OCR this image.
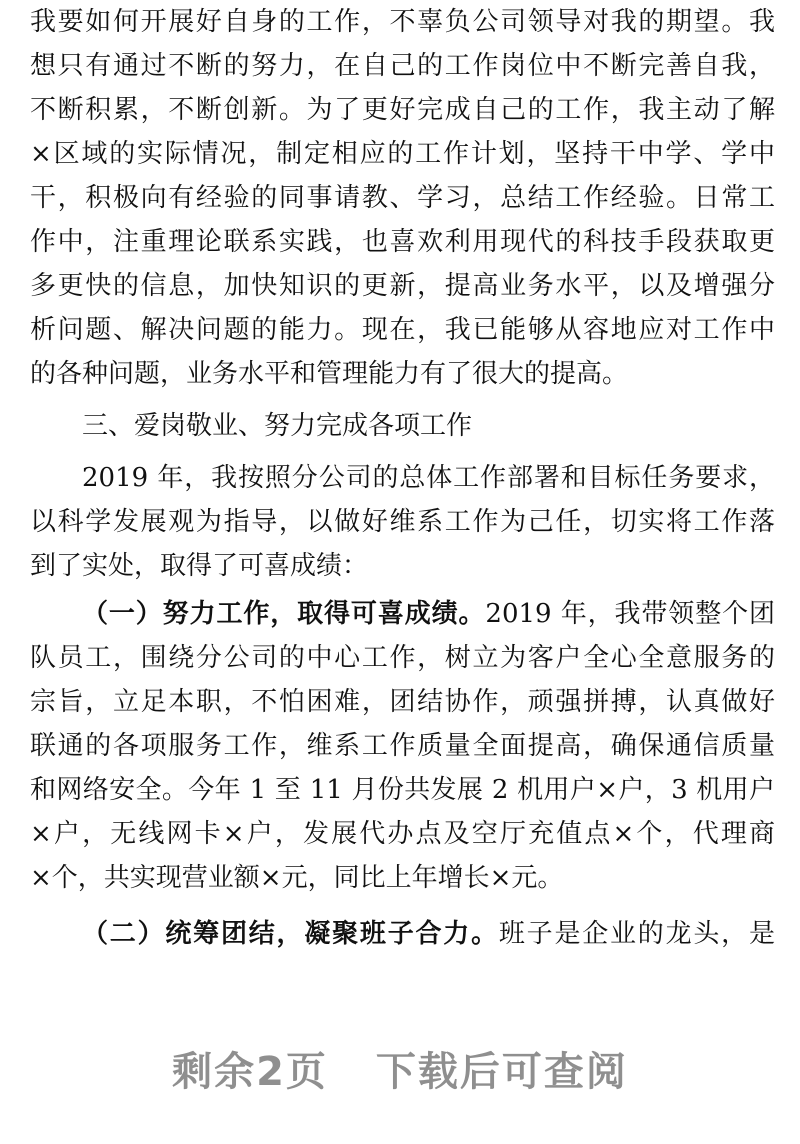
我要如何开展好自身的工作，不辜负公司领导对我的期望。我
想只有通过不断的努力，在自己的工作岗位中不断完善自我，
不断积累，不断创新。为了更好完成自己的工作，我主动了解
×区域的实际情况，制定相应的工作计划，坚持干中学、学中
干，积极向有经验的同事请教、学习，总结工作经验。日常工
作中，注重理论联系实践，也喜欢利用现代的科技手段获取更
多更快的信息，加快知识的更新，提高业务水平，以及增强分
析问题、解决问题的能力。现在，我已能够从容地应对工作中
的各种问题，业务水平和管理能力有了很大的提高。
三、爱岗敬业、努力完成各项工作
2019 年，我按照分公司的总体工作部署和目标任务要求，
以科学发展观为指导，以做好维系工作为己任，切实将工作落
到了实处，取得了可喜成绩：
（一）努力工作，取得可喜成绩。2019 年，我带领整个团
队员工，围绕分公司的中心工作，树立为客户全心全意服务的
宗旨，立足本职，不怕困难，团结协作，顽强拼搏，认真做好
联通的各项服务工作，维系工作质量全面提高，确保通信质量
和网络安全。今年 1 至 11 月份共发展 2 机用户×户，3 机用户
×户，无线网卡×户，发展代办点及空厅充值点×个，代理商
×个，共实现营业额×元，同比上年增长×元。
（二）统筹团结，凝聚班子合力。班子是企业的龙头，是
剩余2页 下载后可查阅
